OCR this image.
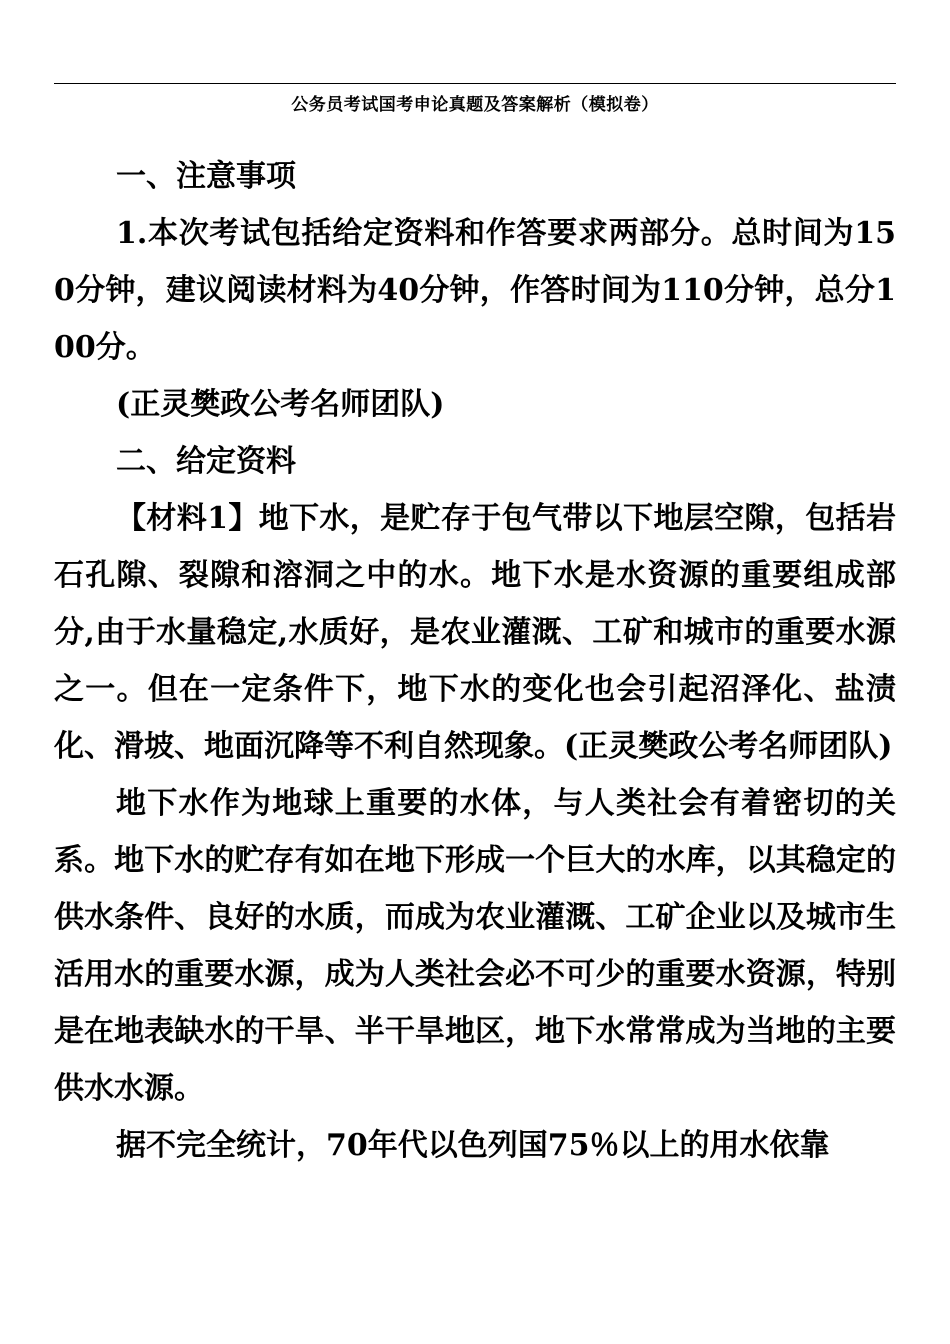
公务员考试国考申论真题及答案解析（模拟卷）

一、注意事项

1.本次考试包括给定资料和作答要求两部分。总时间为150分钟，建议阅读材料为40分钟，作答时间为110分钟，总分100分。

(正灵樊政公考名师团队)

二、给定资料

【材料1】地下水，是贮存于包气带以下地层空隙，包括岩石孔隙、裂隙和溶洞之中的水。地下水是水资源的重要组成部分,由于水量稳定,水质好，是农业灌溉、工矿和城市的重要水源之一。但在一定条件下，地下水的变化也会引起沼泽化、盐渍化、滑坡、地面沉降等不利自然现象。(正灵樊政公考名师团队)

地下水作为地球上重要的水体，与人类社会有着密切的关系。地下水的贮存有如在地下形成一个巨大的水库，以其稳定的供水条件、良好的水质，而成为农业灌溉、工矿企业以及城市生活用水的重要水源，成为人类社会必不可少的重要水资源，特别是在地表缺水的干旱、半干旱地区，地下水常常成为当地的主要供水水源。

据不完全统计，70年代以色列国75％以上的用水依靠
